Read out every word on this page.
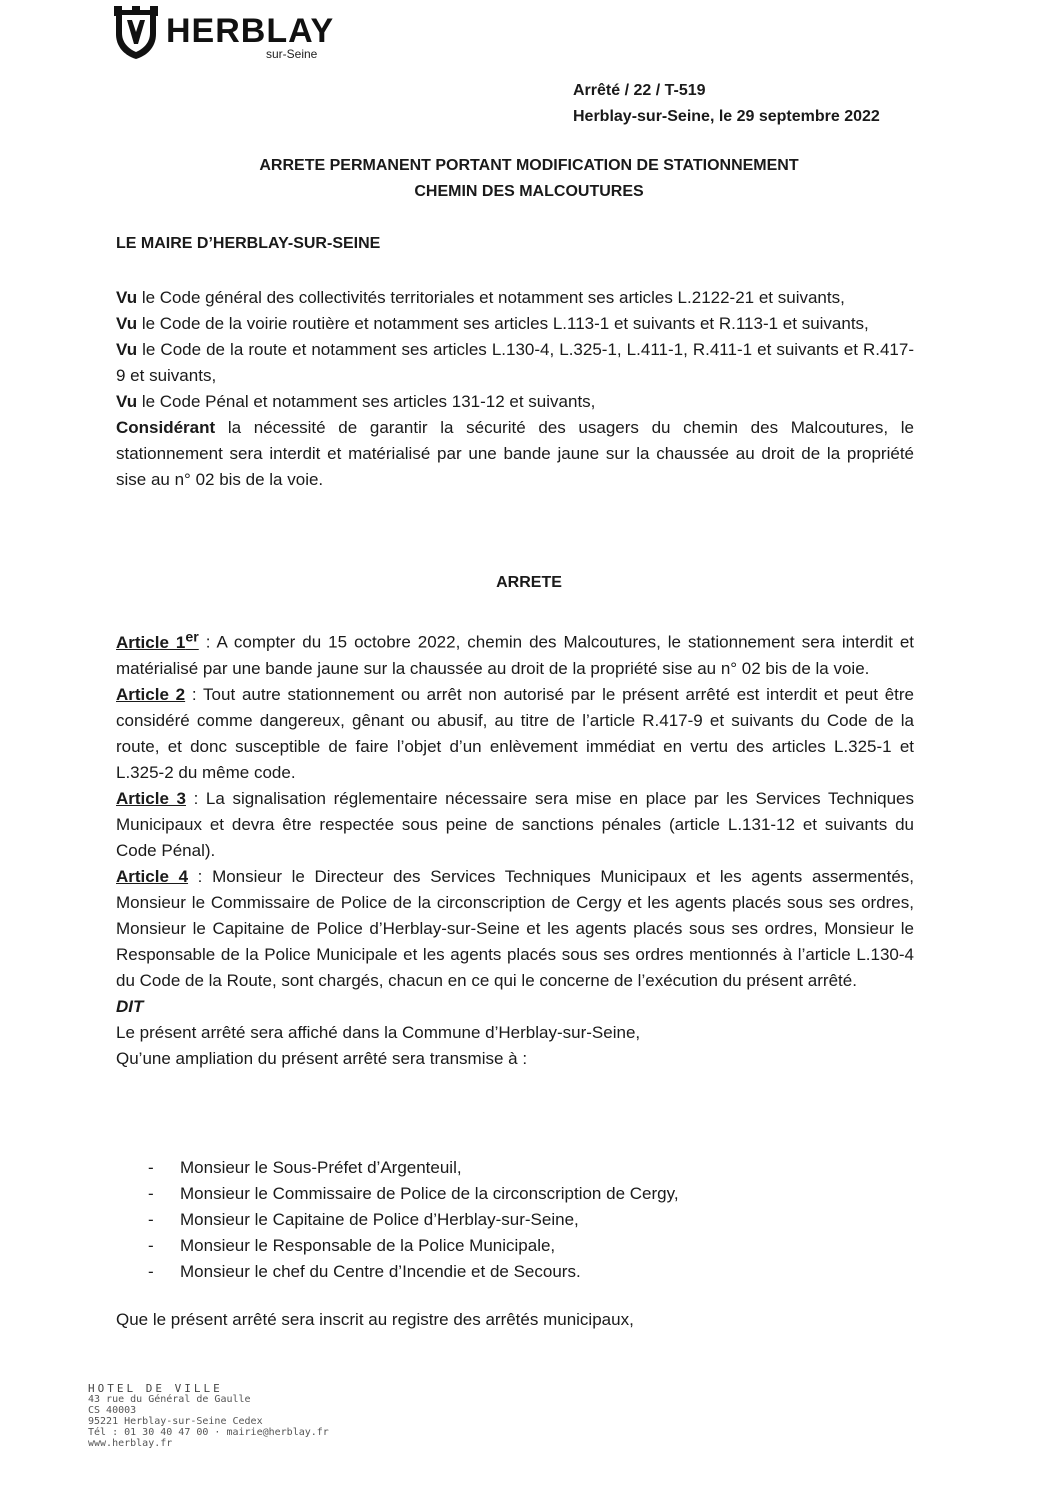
HERBLAY
sur-Seine
Arrêté / 22 / T-519
Herblay-sur-Seine, le 29 septembre 2022
ARRETE PERMANENT PORTANT MODIFICATION DE STATIONNEMENT
CHEMIN DES MALCOUTURES
LE MAIRE D’HERBLAY-SUR-SEINE

Vu le Code général des collectivités territoriales et notamment ses articles L.2122-21 et suivants,

Vu le Code de la voirie routière et notamment ses articles L.113-1 et suivants et R.113-1 et suivants,

Vu le Code de la route et notamment ses articles L.130-4, L.325-1, L.411-1, R.411-1 et suivants et R.417-9 et suivants,

Vu le Code Pénal et notamment ses articles 131-12 et suivants,

Considérant la nécessité de garantir la sécurité des usagers du chemin des Malcoutures, le stationnement sera interdit et matérialisé par une bande jaune sur la chaussée au droit de la propriété sise au n° 02 bis de la voie.

ARRETE

Article 1er : A compter du 15 octobre 2022, chemin des Malcoutures, le stationnement sera interdit et matérialisé par une bande jaune sur la chaussée au droit de la propriété sise au n° 02 bis de la voie.

Article 2 : Tout autre stationnement ou arrêt non autorisé par le présent arrêté est interdit et peut être considéré comme dangereux, gênant ou abusif, au titre de l’article R.417-9 et suivants du Code de la route, et donc susceptible de faire l’objet d’un enlèvement immédiat en vertu des articles L.325-1 et L.325-2 du même code.

Article 3 : La signalisation réglementaire nécessaire sera mise en place par les Services Techniques Municipaux et devra être respectée sous peine de sanctions pénales (article L.131-12 et suivants du Code Pénal).

Article 4 : Monsieur le Directeur des Services Techniques Municipaux et les agents assermentés, Monsieur le Commissaire de Police de la circonscription de Cergy et les agents placés sous ses ordres, Monsieur le Capitaine de Police d’Herblay-sur-Seine et les agents placés sous ses ordres, Monsieur le Responsable de la Police Municipale et les agents placés sous ses ordres mentionnés à l’article L.130-4 du Code de la Route, sont chargés, chacun en ce qui le concerne de l’exécution du présent arrêté.

DIT

Le présent arrêté sera affiché dans la Commune d’Herblay-sur-Seine,

Qu’une ampliation du présent arrêté sera transmise à :

- Monsieur le Sous-Préfet d’Argenteuil,
- Monsieur le Commissaire de Police de la circonscription de Cergy,
- Monsieur le Capitaine de Police d’Herblay-sur-Seine,
- Monsieur le Responsable de la Police Municipale,
- Monsieur le chef du Centre d’Incendie et de Secours.
Que le présent arrêté sera inscrit au registre des arrêtés municipaux,
HOTEL DE VILLE
43 rue du Général de Gaulle
CS 40003
95221 Herblay-sur-Seine Cedex
Tél : 01 30 40 47 00 · mairie@herblay.fr
www.herblay.fr
